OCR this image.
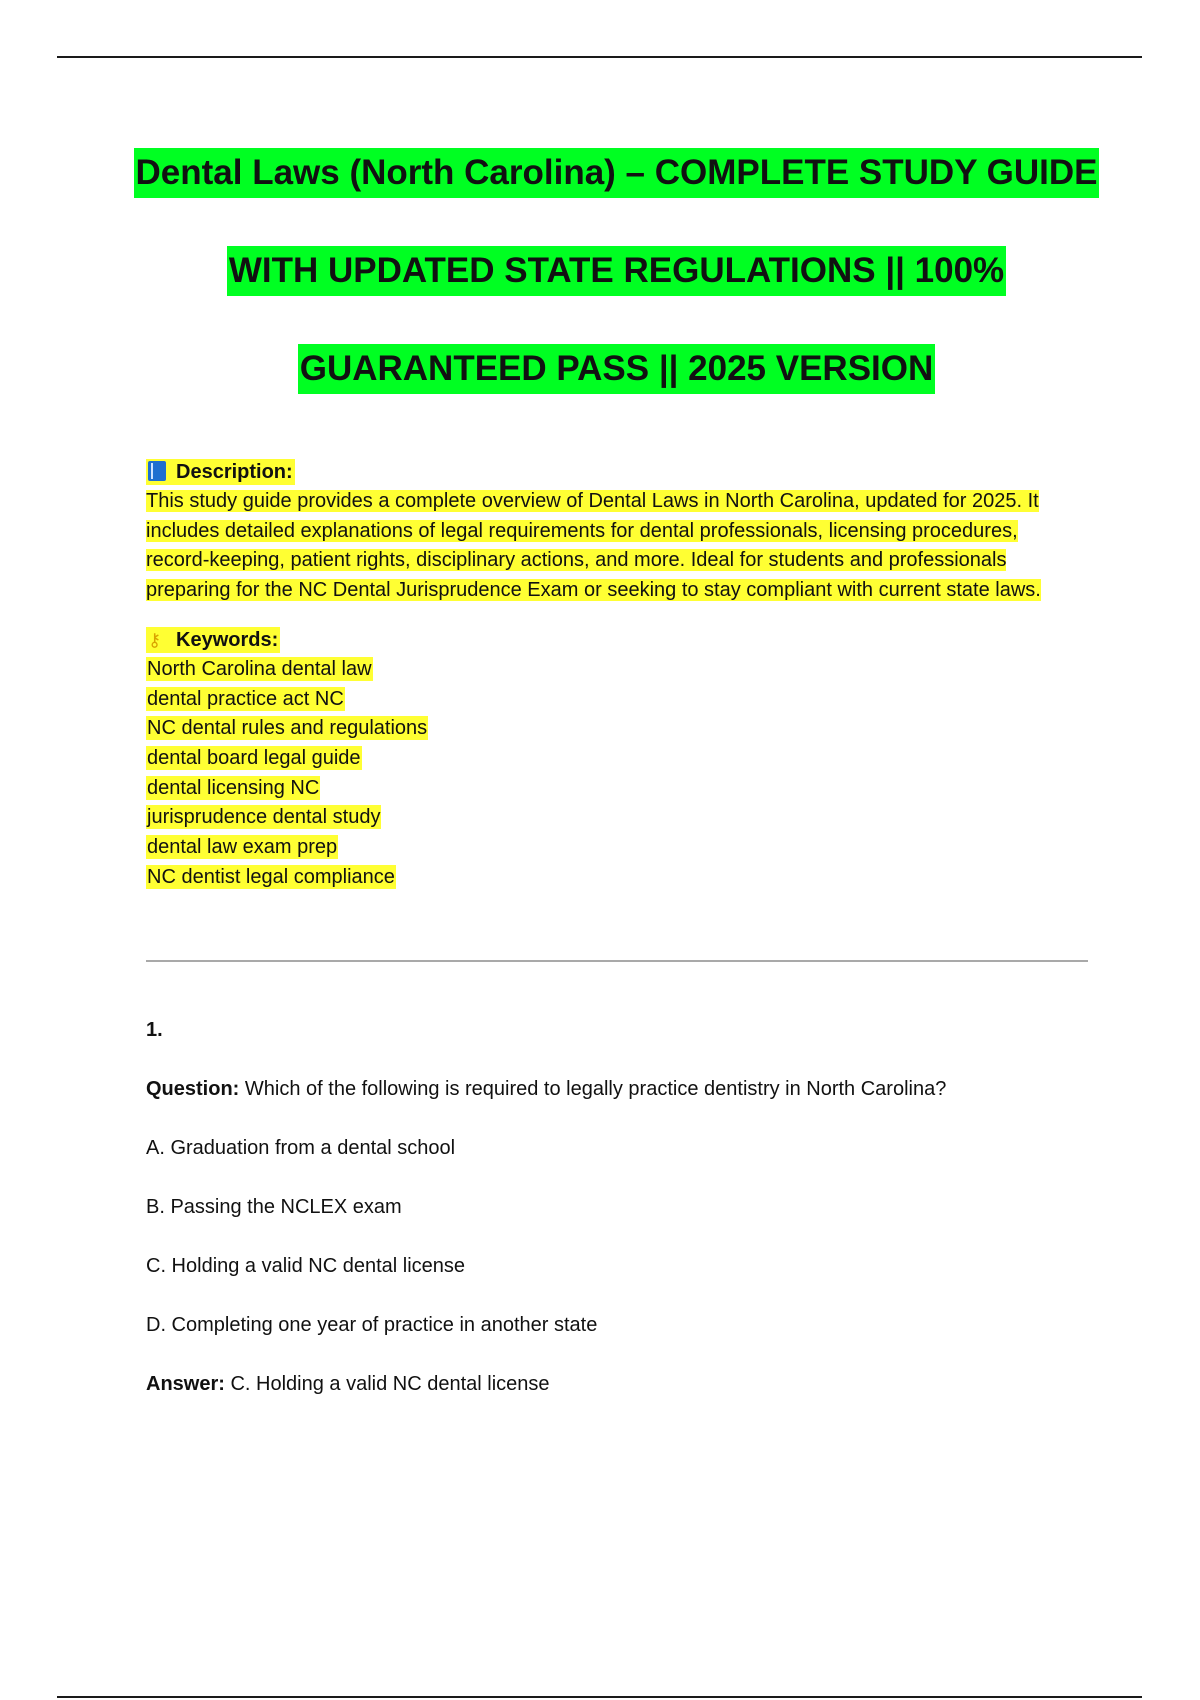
Dental Laws (North Carolina) – COMPLETE STUDY GUIDE
WITH UPDATED STATE REGULATIONS || 100%
GUARANTEED PASS || 2025 VERSION
Description:

This study guide provides a complete overview of Dental Laws in North Carolina, updated for 2025. It includes detailed explanations of legal requirements for dental professionals, licensing procedures, record-keeping, patient rights, disciplinary actions, and more. Ideal for students and professionals preparing for the NC Dental Jurisprudence Exam or seeking to stay compliant with current state laws.

⚷ Keywords:
North Carolina dental law
dental practice act NC
NC dental rules and regulations
dental board legal guide
dental licensing NC
jurisprudence dental study
dental law exam prep
NC dentist legal compliance
1.

Question: Which of the following is required to legally practice dentistry in North Carolina?

A. Graduation from a dental school

B. Passing the NCLEX exam

C. Holding a valid NC dental license

D. Completing one year of practice in another state

Answer: C. Holding a valid NC dental license
